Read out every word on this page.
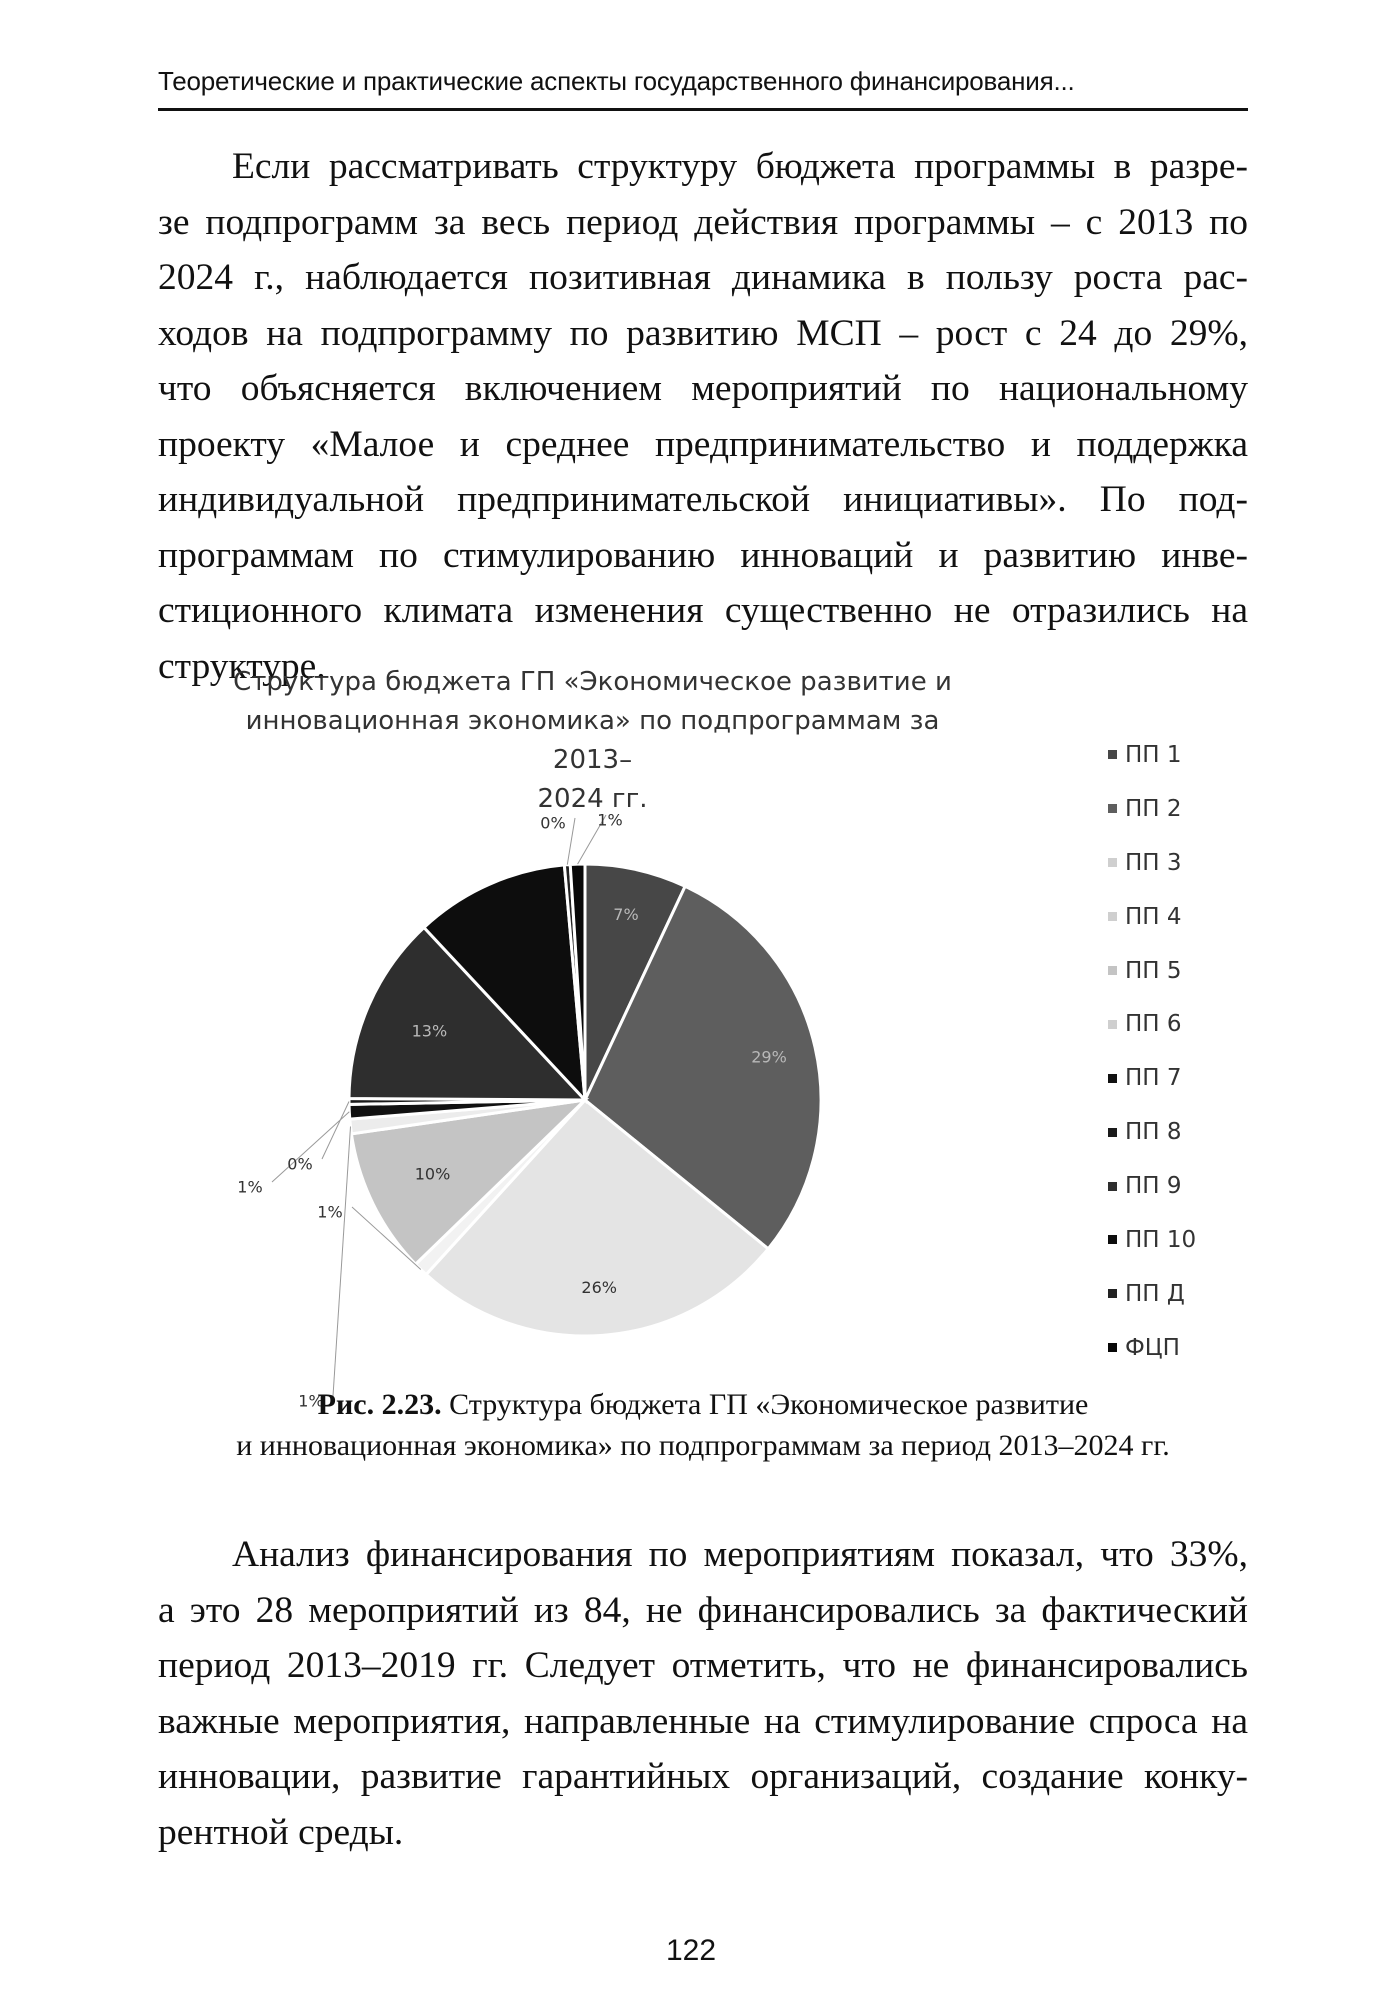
Теоретические и практические аспекты государственного финансирования...
Если рассматривать структуру бюджета программы в разре-
зе подпрограмм за весь период действия программы – с 2013 по
2024 г., наблюдается позитивная динамика в пользу роста рас-
ходов на подпрограмму по развитию МСП – рост с 24 до 29%,
что объясняется включением мероприятий по национальному
проекту «Малое и среднее предпринимательство и поддержка
индивидуальной предпринимательской инициативы». По под-
программам по стимулированию инноваций и развитию инве-
стиционного климата изменения существенно не отразились на
структуре.
Структура бюджета ГП «Экономическое развитие и
инновационная экономика» по подпрограммам за 2013–
2024 гг.
7%
29%
26%
1%
10%
1%
1%
0%
13%
0% 1%
ПП 1
ПП 2
ПП 3
ПП 4
ПП 5
ПП 6
ПП 7
ПП 8
ПП 9
ПП 10
ПП Д
ФЦП
Рис. 2.23. Структура бюджета ГП «Экономическое развитие
и инновационная экономика» по подпрограммам за период 2013–2024 гг.
Анализ финансирования по мероприятиям показал, что 33%,
а это 28 мероприятий из 84, не финансировались за фактический
период 2013–2019 гг. Следует отметить, что не финансировались
важные мероприятия, направленные на стимулирование спроса на
инновации, развитие гарантийных организаций, создание конку-
рентной среды.
122
